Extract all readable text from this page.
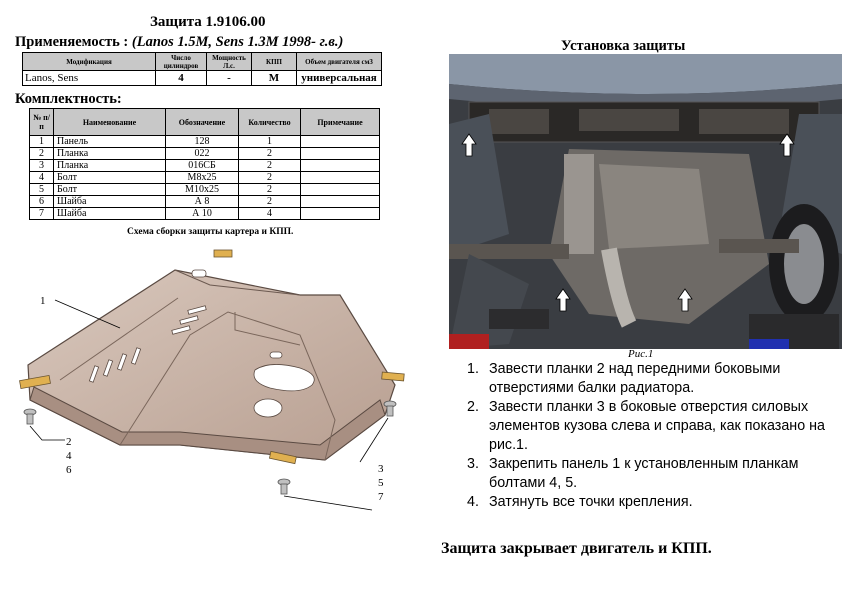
Защита 1.9106.00
Применяемость : (Lanos 1.5M, Sens 1.3M 1998- г.в.)
Модификация	Число цилиндров	Мощность Л.с.	КПП	Объем двигателя см3
Lanos, Sens	4	-	М	универсальная
Комплектность:
№ п/п	Наименование	Обозначение	Количество	Примечание
1	Панель	128	1	
2	Планка	022	2	
3	Планка	016СБ	2	
4	Болт	М8х25	2	
5	Болт	М10х25	2	
6	Шайба	А 8	2	
7	Шайба	А 10	4	
Схема сборки защиты картера и КПП.
1
2
4
6	3
5
7
Установка защиты
Рис.1
1. Завести планки 2 над передними боковыми отверстиями балки радиатора.
2. Завести планки 3 в боковые отверстия силовых элементов кузова слева и справа, как показано на рис.1.
3. Закрепить панель 1 к установленным планкам болтами 4, 5.
4. Затянуть все точки крепления.
Защита закрывает двигатель и КПП.
